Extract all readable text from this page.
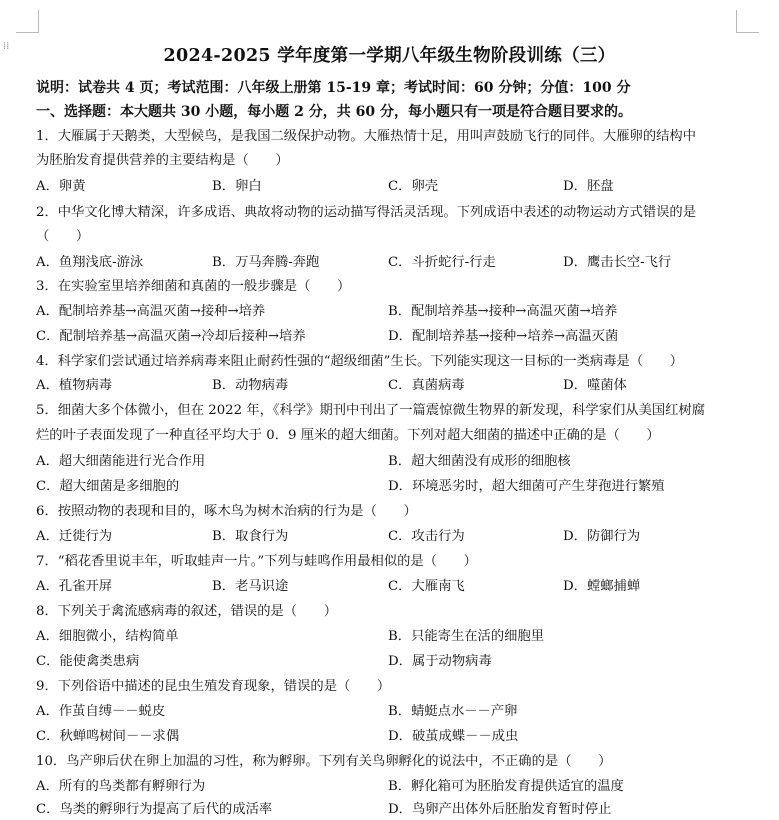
⁞⁞	2024-2025 学年度第一学期八年级生物阶段训练（三）
说明：试卷共 4 页；考试范围：八年级上册第 15-19 章；考试时间：60 分钟；分值：100 分
一、选择题：本大题共 30 小题，每小题 2 分，共 60 分，每小题只有一项是符合题目要求的。
1．大雁属于天鹅类，大型候鸟，是我国二级保护动物。大雁热情十足，用叫声鼓励飞行的同伴。大雁卵的结构中
为胚胎发育提供营养的主要结构是（　　）
A．卵黄	B．卵白	C．卵壳	D．胚盘
2．中华文化博大精深，许多成语、典故将动物的运动描写得活灵活现。下列成语中表述的动物运动方式错误的是
（　　）
A．鱼翔浅底-游泳	B．万马奔腾-奔跑	C．斗折蛇行-行走	D．鹰击长空-飞行
3．在实验室里培养细菌和真菌的一般步骤是（　　）
A．配制培养基→高温灭菌→接种→培养	B．配制培养基→接种→高温灭菌→培养
C．配制培养基→高温灭菌→冷却后接种→培养	D．配制培养基→接种→培养→高温灭菌
4．科学家们尝试通过培养病毒来阻止耐药性强的“超级细菌”生长。下列能实现这一目标的一类病毒是（　　）
A．植物病毒	B．动物病毒	C．真菌病毒	D．噬菌体
5．细菌大多个体微小，但在 2022 年，《科学》期刊中刊出了一篇震惊微生物界的新发现，科学家们从美国红树腐
烂的叶子表面发现了一种直径平均大于 0．9 厘米的超大细菌。下列对超大细菌的描述中正确的是（　　）
A．超大细菌能进行光合作用	B．超大细菌没有成形的细胞核
C．超大细菌是多细胞的	D．环境恶劣时，超大细菌可产生芽孢进行繁殖
6．按照动物的表现和目的，啄木鸟为树木治病的行为是（　　）
A．迁徙行为	B．取食行为	C．攻击行为	D．防御行为
7．“稻花香里说丰年，听取蛙声一片。”下列与蛙鸣作用最相似的是（　　）
A．孔雀开屏	B．老马识途	C．大雁南飞	D．螳螂捕蝉
8．下列关于禽流感病毒的叙述，错误的是（　　）
A．细胞微小，结构简单	B．只能寄生在活的细胞里
C．能使禽类患病	D．属于动物病毒
9．下列俗语中描述的昆虫生殖发育现象，错误的是（　　）
A．作茧自缚－－蜕皮	B．蜻蜓点水－－产卵
C．秋蝉鸣树间－－求偶	D．破茧成蝶－－成虫
10．鸟产卵后伏在卵上加温的习性，称为孵卵。下列有关鸟卵孵化的说法中，不正确的是（　　）
A．所有的鸟类都有孵卵行为	B．孵化箱可为胚胎发育提供适宜的温度
C．鸟类的孵卵行为提高了后代的成活率	D．鸟卵产出体外后胚胎发育暂时停止
